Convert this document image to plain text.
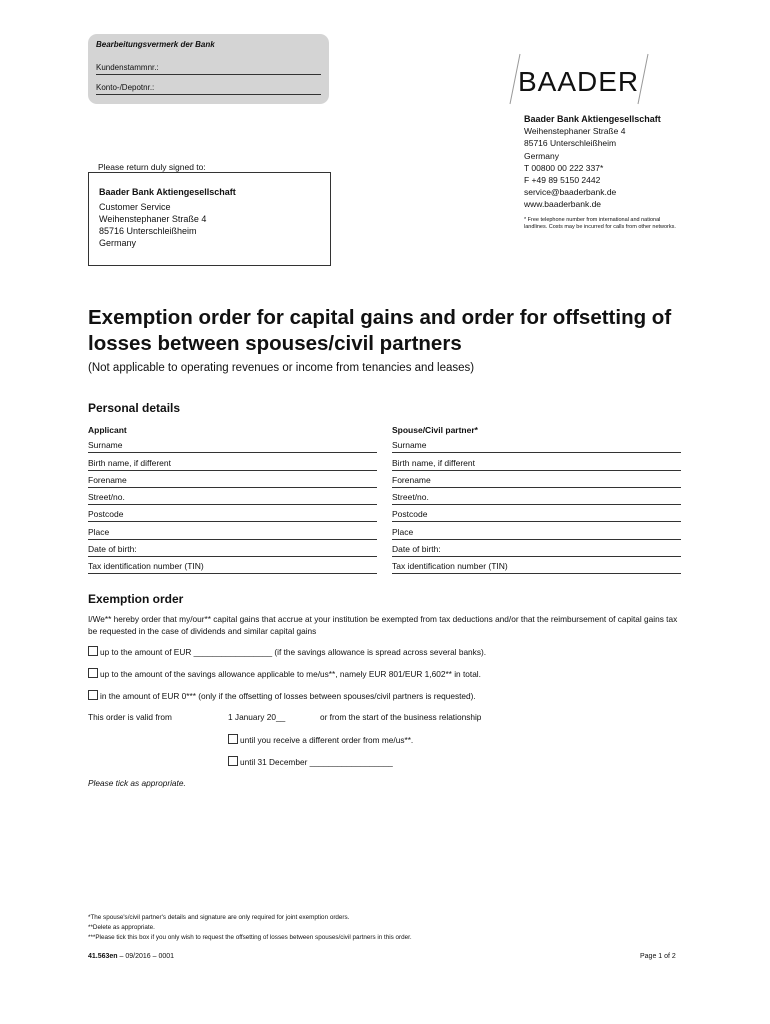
Bearbeitungsvermerk der Bank
Kundenstammnr.:
Konto-/Depotnr.:	BAADER
Baader Bank Aktiengesellschaft
Weihenstephaner Straße 4
85716 Unterschleißheim
Germany
T 00800 00 222 337*
F +49 89 5150 2442
service@baaderbank.de
www.baaderbank.de
* Free telephone number from international and national landlines. Costs may be incurred for calls from other networks.
Please return duly signed to:
Baader Bank Aktiengesellschaft
Customer Service
Weihenstephaner Straße 4
85716 Unterschleißheim
Germany
Exemption order for capital gains and order for offsetting of losses between spouses/civil partners
(Not applicable to operating revenues or income from tenancies and leases)
Personal details
Applicant	Spouse/Civil partner*
Surname	Surname
Birth name, if different	Birth name, if different
Forename	Forename
Street/no.	Street/no.
Postcode	Postcode
Place	Place
Date of birth:	Date of birth:
Tax identification number (TIN)	Tax identification number (TIN)
Exemption order
I/We** hereby order that my/our** capital gains that accrue at your institution be exempted from tax deductions and/or that the reimbursement of capital gains tax be requested in the case of dividends and similar capital gains
up to the amount of EUR _________________ (if the savings allowance is spread across several banks).
up to the amount of the savings allowance applicable to me/us**, namely EUR 801/EUR 1,602** in total.
in the amount of EUR 0*** (only if the offsetting of losses between spouses/civil partners is requested).
This order is valid from	1 January 20__	or from the start of the business relationship
until you receive a different order from me/us**.
until 31 December __________________
Please tick as appropriate.
*The spouse's/civil partner's details and signature are only required for joint exemption orders.
**Delete as appropriate.
***Please tick this box if you only wish to request the offsetting of losses between spouses/civil partners in this order.
41.563en – 09/2016 – 0001	Page 1 of 2
